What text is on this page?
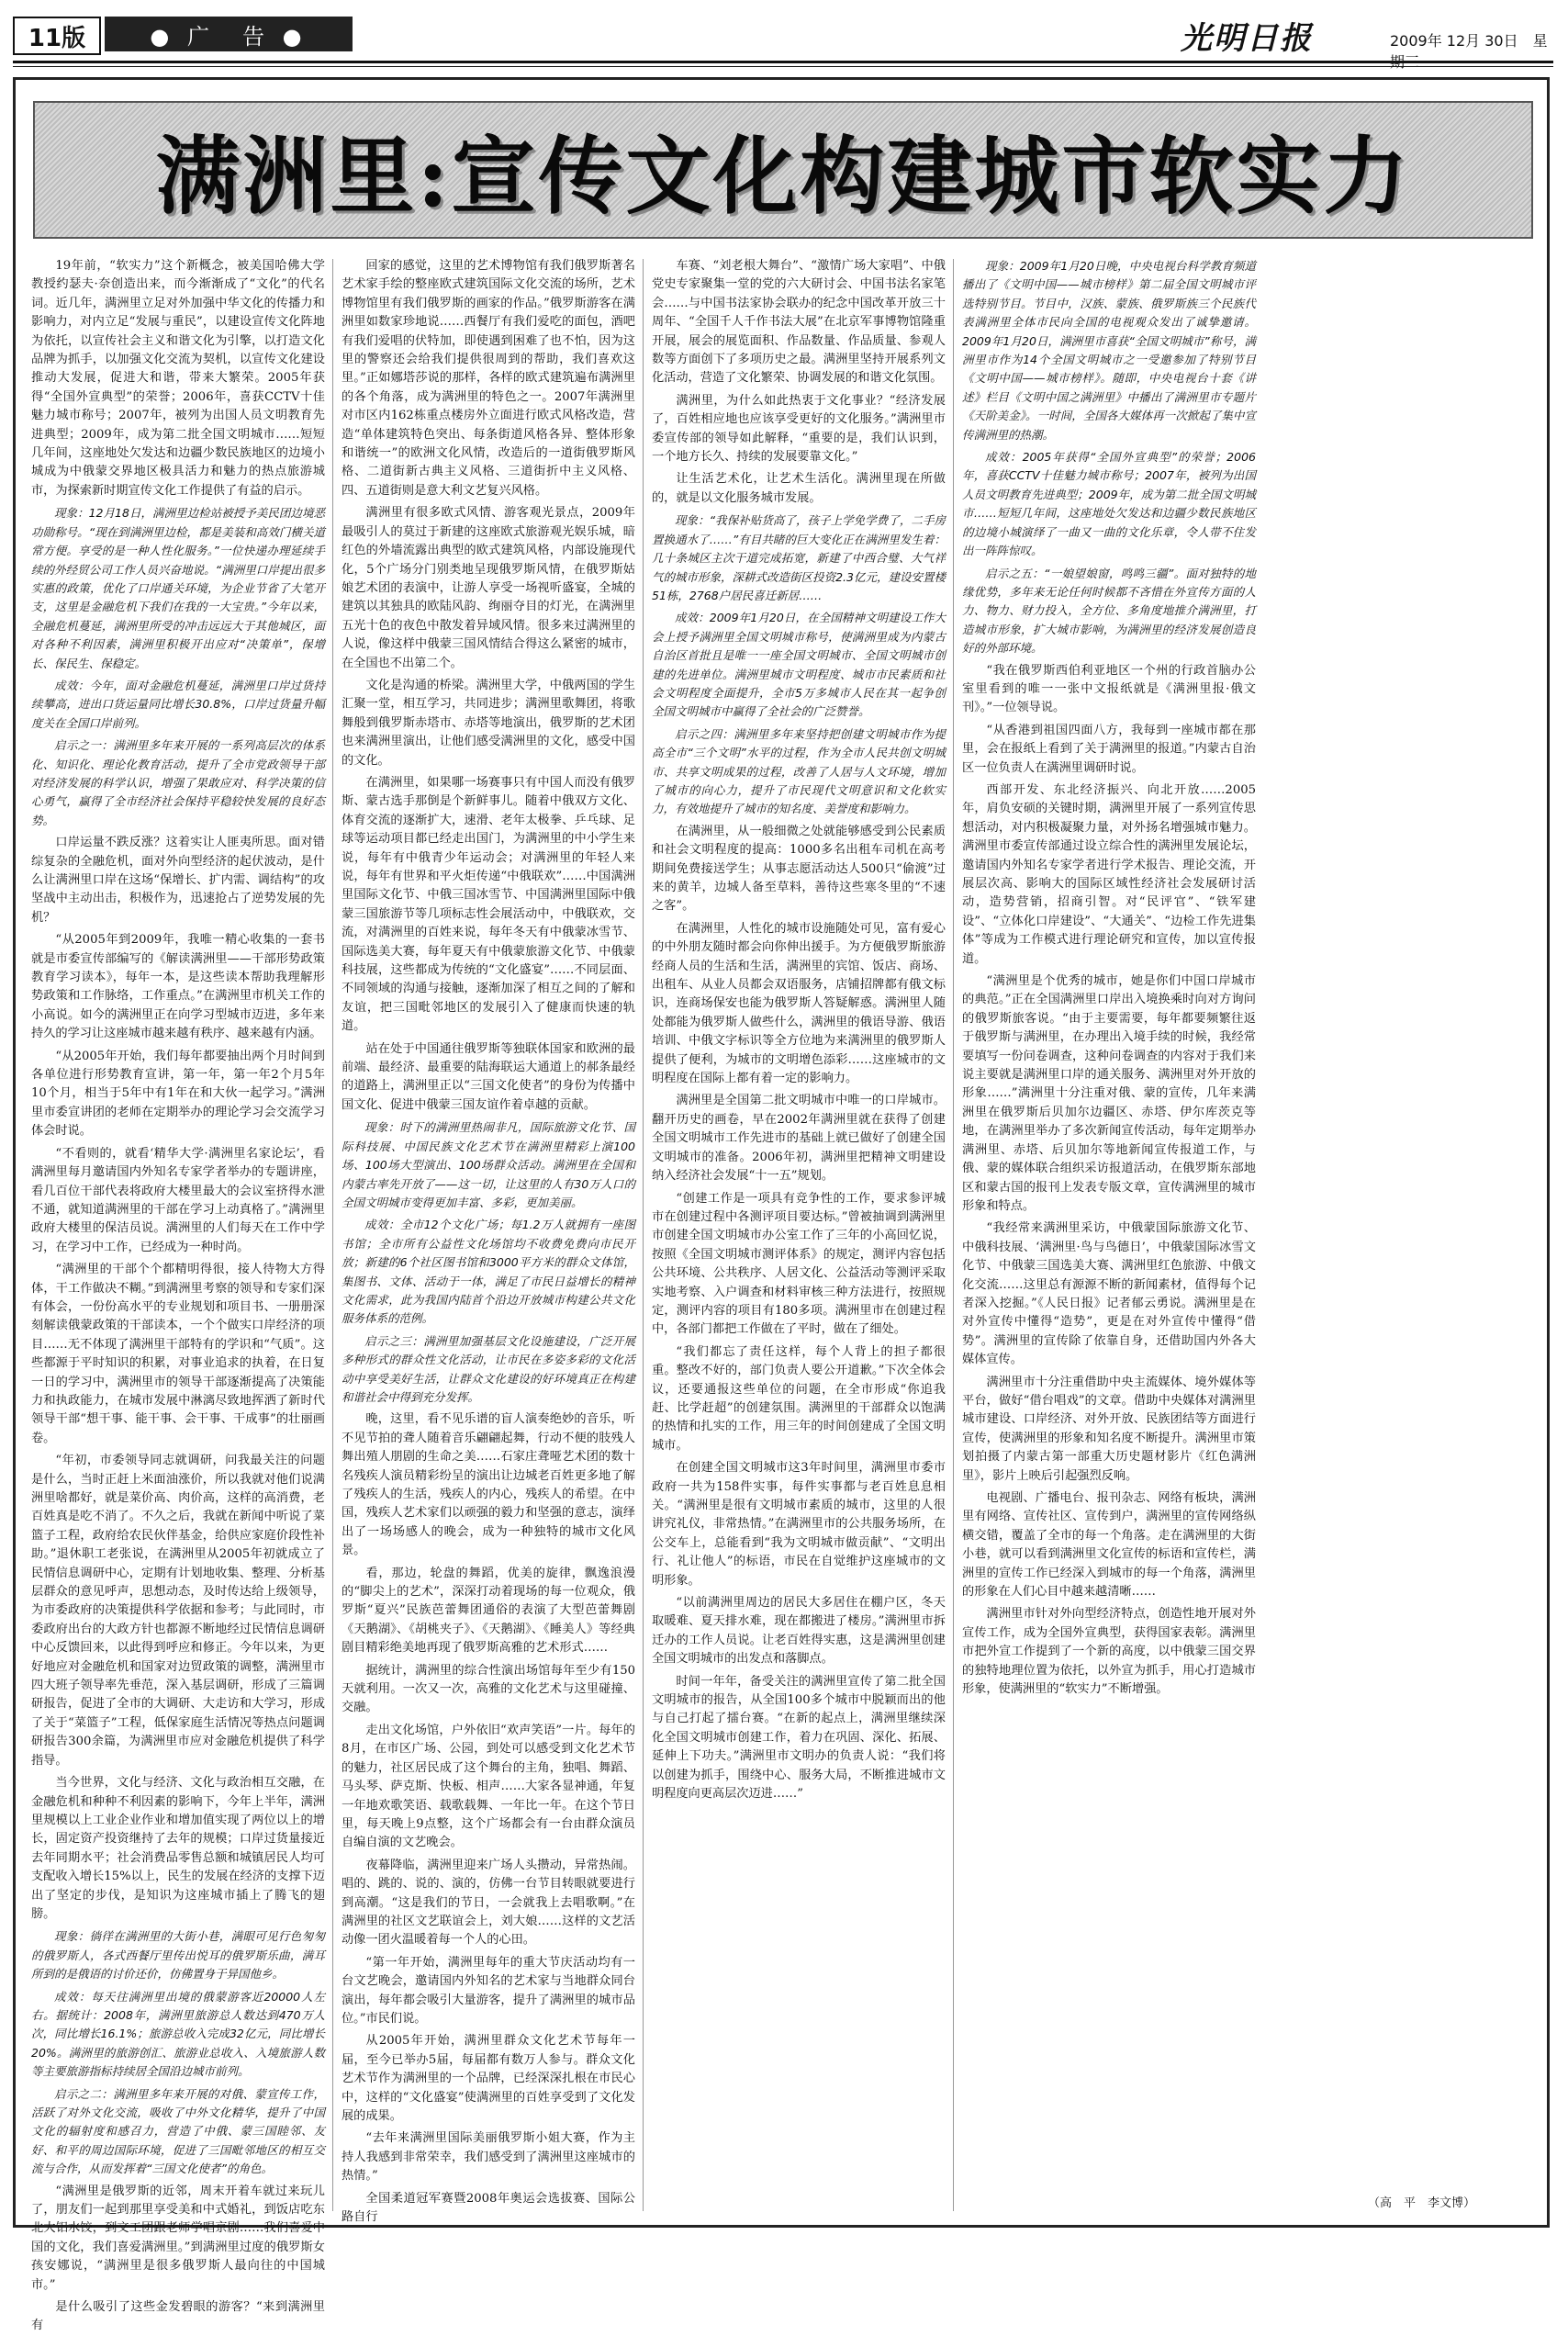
11版	● 广　告 ●	光明日报	2009年 12月 30日　星
满洲里:宣传文化构建城市软实力

19年前，“软实力”这个新概念，被美国哈佛大学教授约瑟夫·奈创造出来，而今渐渐成了“文化”的代名词。近几年，满洲里立足对外加强中华文化的传播力和影响力，对内立足“发展与重民”，以建设宣传文化阵地为依托，以宣传社会主义和谐文化为引擎，以打造文化品牌为抓手，以加强文化交流为契机，以宣传文化建设推动大发展，促进大和谐，带来大繁荣。2005年获得“全国外宣典型”的荣誉；2006年，喜获CCTV十佳魅力城市称号；2007年，被列为出国人员文明教育先进典型；2009年，成为第二批全国文明城市……短短几年间，这座地处欠发达和边疆少数民族地区的边境小城成为中俄蒙交界地区极具活力和魅力的热点旅游城市，为探索新时期宣传文化工作提供了有益的启示。

现象：12月18日，满洲里边检站被授予美民团边境恶功勋称号。“现在到满洲里边检，都是美装和高效门横关道常方便。享受的是一种人性化服务。”一位快递办理延续手续的外经贸公司工作人员兴奋地说。“满洲里口岸提出很多实惠的政策，优化了口岸通关环境，为企业节省了大笔开支，这里是金融危机下我们在我的一大宝贵。”今年以来，全融危机蔓延，满洲里所受的冲击远远大于其他城区，面对各种不利因素，满洲里积极开出应对“决策单”，保增长、保民生、保稳定。

成效：今年，面对金融危机蔓延，满洲里口岸过货持续攀高，进出口货运量同比增长30.8%，口岸过货量升幅度关在全国口岸前列。

启示之一：满洲里多年来开展的一系列高层次的体系化、知识化、理论化教育活动，提升了全市党政领导干部对经济发展的科学认识，增强了果敢应对、科学决策的信心勇气，赢得了全市经济社会保持平稳较快发展的良好态势。

口岸运量不跌反涨？这着实让人匪夷所思。面对错综复杂的全融危机，面对外向型经济的起伏波动，是什么让满洲里口岸在这场“保增长、扩内需、调结构”的攻坚战中主动出击，积极作为，迅速抢占了逆势发展的先机？

“从2005年到2009年，我唯一精心收集的一套书就是市委宣传部编写的《解读满洲里——干部形势政策教育学习读本》，每年一本，是这些读本帮助我理解形势政策和工作脉络，工作重点。”在满洲里市机关工作的小高说。如今的满洲里正在向学习型城市迈进，多年来持久的学习让这座城市越来越有秩序、越来越有内涵。

“从2005年开始，我们每年都要抽出两个月时间到各单位进行形势教育宣讲，第一年，第一年2个月5年10个月，相当于5年中有1年在和大伙一起学习。”满洲里市委宣讲团的老师在定期举办的理论学习会交流学习体会时说。

“不看则的，就看‘精华大学·满洲里名家论坛’，看满洲里每月邀请国内外知名专家学者举办的专题讲座，看几百位干部代表将政府大楼里最大的会议室挤得水泄不通，就知道满洲里的干部在学习上动真格了。”满洲里政府大楼里的保洁员说。满洲里的人们每天在工作中学习，在学习中工作，已经成为一种时尚。

“满洲里的干部个个都精明得很，接人待物大方得体，干工作做决不糊。”到满洲里考察的领导和专家们深有体会，一份份高水平的专业规划和项目书、一册册深刻解读俄蒙政策的干部读本，一个个做实口岸经济的项目……无不体现了满洲里干部特有的学识和“气质”。这些都源于平时知识的积累，对事业追求的执着，在日复一日的学习中，满洲里市的领导干部逐渐提高了决策能力和执政能力，在城市发展中淋漓尽致地挥洒了新时代领导干部“想干事、能干事、会干事、干成事”的壮丽画卷。

“年初，市委领导同志就调研，问我最关注的问题是什么，当时正赶上米面油涨价，所以我就对他们说满洲里啥都好，就是菜价高、肉价高，这样的高消费，老百姓真是吃不消了。不久之后，我就在新闻中听说了菜篮子工程，政府给农民伙伴基金，给供应家庭价段性补助。”退休职工老张说，在满洲里从2005年初就成立了民情信息调研中心，定期有计划地收集、整理、分析基层群众的意见呼声，思想动态，及时传达给上级领导，为市委政府的决策提供科学依据和参考；与此同时，市委政府出台的大政方针也都源不断地经过民情信息调研中心反馈回来，以此得到呼应和修正。今年以来，为更好地应对金融危机和国家对边贸政策的调整，满洲里市四大班子领导率先垂范，深入基层调研，形成了三篇调研报告，促进了全市的大调研、大走访和大学习，形成了关于“菜篮子”工程，低保家庭生活情况等热点问题调研报告300余篇，为满洲里市应对金融危机提供了科学指导。

当今世界，文化与经济、文化与政治相互交融，在金融危机和种种不利因素的影响下，今年上半年，满洲里规模以上工业企业作业和增加值实现了两位以上的增长，固定资产投资继持了去年的规模；口岸过货量接近去年同期水平；社会消费品零售总额和城镇居民人均可支配收入增长15%以上，民生的发展在经济的支撑下迈出了坚定的步伐，是知识为这座城市插上了腾飞的翅膀。

现象：徜徉在满洲里的大街小巷，满眼可见行色匆匆的俄罗斯人，各式西餐厅里传出悦耳的俄罗斯乐曲，满耳所到的是俄语的讨价还价，仿佛置身于异国他乡。

成效：每天往满洲里出境的俄蒙游客近20000人左右。据统计：2008年，满洲里旅游总人数达到470万人次，同比增长16.1%；旅游总收入完成32亿元，同比增长20%。满洲里的旅游创汇、旅游业总收入、入境旅游人数等主要旅游指标持续居全国沿边城市前列。

启示之二：满洲里多年来开展的对俄、蒙宣传工作，活跃了对外文化交流，吸收了中外文化精华，提升了中国文化的辐射度和感召力，营造了中俄、蒙三国睦邻、友好、和平的周边国际环境，促进了三国毗邻地区的相互交流与合作，从而发挥着“三国文化使者”的角色。

“满洲里是俄罗斯的近邻，周末开着车就过来玩儿了，朋友们一起到那里享受美和中式婚礼，到饭店吃东北大铝水饺，到文工团跟老师学唱京剧……我们喜爱中国的文化，我们喜爱满洲里。”到满洲里过度的俄罗斯女孩安娜说，“满洲里是很多俄罗斯人最向往的中国城市。”

是什么吸引了这些金发碧眼的游客？“来到满洲里有

回家的感觉，这里的艺术博物馆有我们俄罗斯著名艺术家手绘的整座欧式建筑国际文化交流的场所，艺术博物馆里有我们俄罗斯的画家的作品。”俄罗斯游客在满洲里如数家珍地说……西餐厅有我们爱吃的面包，酒吧有我们爱唱的伏特加，即使遇到困难了也不怕，因为这里的警察还会给我们提供很周到的帮助，我们喜欢这里。”正如娜塔莎说的那样，各样的欧式建筑遍布满洲里的各个角落，成为满洲里的特色之一。2007年满洲里对市区内162栋重点楼房外立面进行欧式风格改造，营造“单体建筑特色突出、每条街道风格各异、整体形象和谐统一”的欧洲文化风情，改造后的一道街俄罗斯风格、二道街新古典主义风格、三道街折中主义风格、四、五道街则是意大利文艺复兴风格。

满洲里有很多欧式风情、游客观光景点，2009年最吸引人的莫过于新建的这座欧式旅游观光娱乐城，暗红色的外墙流露出典型的欧式建筑风格，内部设施现代化，5个广场分门别类地呈现俄罗斯风情，在俄罗斯姑娘艺术团的表演中，让游人享受一场视听盛宴，全城的建筑以其独具的欧陆风韵、绚丽夺目的灯光，在满洲里五光十色的夜色中散发着异域风情。很多来过满洲里的人说，像这样中俄蒙三国风情结合得这么紧密的城市，在全国也不出第二个。

文化是沟通的桥梁。满洲里大学，中俄两国的学生汇聚一堂，相互学习，共同进步；满洲里歌舞团，将歌舞般到俄罗斯赤塔市、赤塔等地演出，俄罗斯的艺术团也来满洲里演出，让他们感受满洲里的文化，感受中国的文化。

在满洲里，如果哪一场赛事只有中国人而没有俄罗斯、蒙古选手那倒是个新鲜事儿。随着中俄双方文化、体育交流的逐渐扩大，速滑、老年太极拳、乒乓球、足球等运动项目都已经走出国门，为满洲里的中小学生来说，每年有中俄青少年运动会；对满洲里的年轻人来说，每年有世界和平火炬传递“中俄联欢”……中国满洲里国际文化节、中俄三国冰雪节、中国满洲里国际中俄蒙三国旅游节等几项标志性会展活动中，中俄联欢，交流，对满洲里的百姓来说，每年冬天有中俄蒙冰雪节、国际选美大赛，每年夏天有中俄蒙旅游文化节、中俄蒙科技展，这些都成为传统的“文化盛宴”……不同层面、不同领域的沟通与接触，逐渐加深了相互之间的了解和友谊，把三国毗邻地区的发展引入了健康而快速的轨道。

站在处于中国通往俄罗斯等独联体国家和欧洲的最前端、最经济、最重要的陆海联运大通道上的郝条最经的道路上，满洲里正以“三国文化使者”的身份为传播中国文化、促进中俄蒙三国友谊作着卓越的贡献。

现象：时下的满洲里热闹非凡，国际旅游文化节、国际科技展、中国民族文化艺术节在满洲里精彩上演100场、100场大型演出、100场群众活动。满洲里在全国和内蒙古率先开放了——这一切，让这里的人有30万人口的全国文明城市变得更加丰富、多彩，更加美丽。

成效：全市12个文化广场；每1.2万人就拥有一座图书馆；全市所有公益性文化场馆均不收费免费向市民开放；新建的6个社区图书馆和3000平方米的群众文体馆，集图书、文体、活动于一体，满足了市民日益增长的精神文化需求，此为我国内陆首个沿边开放城市构建公共文化服务体系的范例。

启示之三：满洲里加强基层文化设施建设，广泛开展多种形式的群众性文化活动，让市民在多姿多彩的文化活动中享受美好生活，让群众文化建设的好环境真正在构建和谐社会中得到充分发挥。

晚，这里，看不见乐谱的盲人演奏绝妙的音乐，听不见节拍的聋人随着音乐翩翩起舞，行动不便的肢残人舞出殖人朋剧的生命之美……石家庄聋哑艺术团的数十名残疾人演员精彩纷呈的演出让边城老百姓更多地了解了残疾人的生活，残疾人的内心，残疾人的希望。在中国，残疾人艺术家们以顽强的毅力和坚强的意志，演绎出了一场场感人的晚会，成为一种独特的城市文化风景。

看，那边，轮盘的舞蹈，优美的旋律，飘逸浪漫的“脚尖上的艺术”，深深打动着现场的每一位观众，俄罗斯“夏兴”民族芭蕾舞团通俗的表演了大型芭蕾舞剧《天鹅湖》、《胡桃夹子》、《天鹅湖》、《睡美人》等经典剧目精彩绝美地再现了俄罗斯高雅的艺术形式……

据统计，满洲里的综合性演出场馆每年至少有150天就利用。一次又一次，高雅的文化艺术与这里碰撞、交融。

走出文化场馆，户外依旧“欢声笑语”一片。每年的8月，在市区广场、公园，到处可以感受到文化艺术节的魅力，社区居民成了这个舞台的主角，独唱、舞蹈、马头琴、萨克斯、快板、相声……大家各显神通，年复一年地欢歌笑语、载歌载舞、一年比一年。在这个节日里，每天晚上9点整，这个广场都会有一台由群众演员自编自演的文艺晚会。

夜幕降临，满洲里迎来广场人头攒动，异常热闹。唱的、跳的、说的、演的，仿佛一台节目转眼就要进行到高潮。“这是我们的节日，一会就我上去唱歌啊。”在满洲里的社区文艺联谊会上，刘大娘……这样的文艺活动像一团火温暖着每一个人的心田。

“第一年开始，满洲里每年的重大节庆活动均有一台文艺晚会，邀请国内外知名的艺术家与当地群众同台演出，每年都会吸引大量游客，提升了满洲里的城市品位。”市民们说。

从2005年开始，满洲里群众文化艺术节每年一届，至今已举办5届，每届都有数万人参与。群众文化艺术节作为满洲里的一个品牌，已经深深扎根在市民心中，这样的“文化盛宴”使满洲里的百姓享受到了文化发展的成果。

“去年来满洲里国际美丽俄罗斯小姐大赛，作为主持人我感到非常荣幸，我们感受到了满洲里这座城市的热情。”

全国柔道冠军赛暨2008年奥运会选拔赛、国际公路自行

车赛、“刘老根大舞台”、“激情广场大家唱”、中俄党史专家聚集一堂的党的六大研讨会、中国书法名家笔会……与中国书法家协会联办的纪念中国改革开放三十周年、“全国千人千作书法大展”在北京军事博物馆隆重开展，展会的展览面积、作品数量、作品质量、参观人数等方面创下了多项历史之最。满洲里坚持开展系列文化活动，营造了文化繁荣、协调发展的和谐文化氛围。

满洲里，为什么如此热衷于文化事业？“经济发展了，百姓相应地也应该享受更好的文化服务。”满洲里市委宣传部的领导如此解释，“重要的是，我们认识到，一个地方长久、持续的发展要靠文化。”

让生活艺术化，让艺术生活化。满洲里现在所做的，就是以文化服务城市发展。

现象：“我保补贴货高了，孩子上学免学费了，二手房置换通水了……”有目共睹的巨大变化正在满洲里发生着：几十条城区主次干道完成拓宽，新建了中西合璧、大气祥气的城市形象，深耕式改造街区投资2.3亿元，建设安置楼51栋，2768户居民喜迁新居……

成效：2009年1月20日，在全国精神文明建设工作大会上授予满洲里全国文明城市称号，使满洲里成为内蒙古自治区首批且是唯一一座全国文明城市、全国文明城市创建的先进单位。满洲里城市文明程度、城市市民素质和社会文明程度全面提升，全市5万多城市人民在其一起争创全国文明城市中赢得了全社会的广泛赞誉。

启示之四：满洲里多年来坚持把创建文明城市作为提高全市“三个文明”水平的过程，作为全市人民共创文明城市、共享文明成果的过程，改善了人居与人文环境，增加了城市的向心力，提升了市民现代文明意识和文化软实力，有效地提升了城市的知名度、美誉度和影响力。

在满洲里，从一般细微之处就能够感受到公民素质和社会文明程度的提高：1000多名出租车司机在高考期间免费接送学生；从事志愿活动达人500只“偷渡”过来的黄羊，边城人备至草料，善待这些寒冬里的“不速之客”。

在满洲里，人性化的城市设施随处可见，富有爱心的中外朋友随时都会向你伸出援手。为方便俄罗斯旅游经商人员的生活和生活，满洲里的宾馆、饭店、商场、出租车、从业人员都会双语服务，店铺招牌都有俄文标识，连商场保安也能为俄罗斯人答疑解惑。满洲里人随处都能为俄罗斯人做些什么，满洲里的俄语导游、俄语培训、中俄文字标识等全方位地为来满洲里的俄罗斯人提供了便利，为城市的文明增色添彩……这座城市的文明程度在国际上都有着一定的影响力。

满洲里是全国第二批文明城市中唯一的口岸城市。翻开历史的画卷，早在2002年满洲里就在获得了创建全国文明城市工作先进市的基础上就已做好了创建全国文明城市的准备。2006年初，满洲里把精神文明建设纳入经济社会发展“十一五”规划。

“创建工作是一项具有竞争性的工作，要求参评城市在创建过程中各测评项目要达标。”曾被抽调到满洲里市创建全国文明城市办公室工作了三年的小高回忆说，按照《全国文明城市测评体系》的规定，测评内容包括公共环境、公共秩序、人居文化、公益活动等测评采取实地考察、入户调查和材料审核三种方法进行，按照规定，测评内容的项目有180多项。满洲里市在创建过程中，各部门都把工作做在了平时，做在了细处。

“我们都忘了责任这样，每个人背上的担子都很重。整改不好的，部门负责人要公开道歉。”下次全体会议，还要通报这些单位的问题，在全市形成“你追我赶、比学赶超”的创建氛围。满洲里的干部群众以饱满的热情和扎实的工作，用三年的时间创建成了全国文明城市。

在创建全国文明城市这3年时间里，满洲里市委市政府一共为158件实事，每件实事都与老百姓息息相关。“满洲里是很有文明城市素质的城市，这里的人很讲究礼仪，非常热情。”在满洲里市的公共服务场所，在公交车上，总能看到“我为文明城市做贡献”、“文明出行、礼让他人”的标语，市民在自觉维护这座城市的文明形象。

“以前满洲里周边的居民大多居住在棚户区，冬天取暖难、夏天排水难，现在都搬进了楼房。”满洲里市拆迁办的工作人员说。让老百姓得实惠，这是满洲里创建全国文明城市的出发点和落脚点。

时间一年年，备受关注的满洲里宣传了第二批全国文明城市的报告，从全国100多个城市中脱颖而出的他与自己打起了擂台赛。“在新的起点上，满洲里继续深化全国文明城市创建工作，着力在巩固、深化、拓展、延伸上下功夫。”满洲里市文明办的负责人说：“我们将以创建为抓手，围绕中心、服务大局，不断推进城市文明程度向更高层次迈进……”

现象：2009年1月20日晚，中央电视台科学教育频道播出了《文明中国——城市榜样》第二届全国文明城市评选特别节目。节目中，汉族、蒙族、俄罗斯族三个民族代表满洲里全体市民向全国的电视观众发出了诚挚邀请。2009年1月20日，满洲里市喜获“全国文明城市”称号，满洲里市作为14个全国文明城市之一受邀参加了特别节目《文明中国——城市榜样》。随即，中央电视台十套《讲述》栏目《文明中国之满洲里》中播出了满洲里市专题片《天阶美金》。一时间，全国各大媒体再一次掀起了集中宣传满洲里的热潮。

成效：2005年获得“全国外宣典型”的荣誉；2006年，喜获CCTV十佳魅力城市称号；2007年，被列为出国人员文明教育先进典型；2009年，成为第二批全国文明城市……短短几年间，这座地处欠发达和边疆少数民族地区的边境小城演绎了一曲又一曲的文化乐章，令人带不住发出一阵阵惊叹。

启示之五：“一娘望娘窗，鸣鸣三疆”。面对独特的地缘优势，多年来无论任何时候都不吝惜在外宣传方面的人力、物力、财力投入，全方位、多角度地推介满洲里，打造城市形象，扩大城市影响，为满洲里的经济发展创造良好的外部环境。

“我在俄罗斯西伯利亚地区一个州的行政首脑办公室里看到的唯一一张中文报纸就是《满洲里报·俄文刊》。”一位领导说。

“从香港到祖国四面八方，我每到一座城市都在那里，会在报纸上看到了关于满洲里的报道。”内蒙古自治区一位负责人在满洲里调研时说。

西部开发、东北经济振兴、向北开放……2005年，肩负安硕的关键时期，满洲里开展了一系列宣传思想活动，对内积极凝聚力量，对外扬名增强城市魅力。满洲里市委宣传部通过设立综合性的满洲里发展论坛，邀请国内外知名专家学者进行学术报告、理论交流，开展层次高、影响大的国际区域性经济社会发展研讨活动，造势营销，招商引智。对“民评官”、“铁军建设”、“立体化口岸建设”、“大通关”、“边检工作先进集体”等成为工作模式进行理论研究和宣传，加以宣传报道。

“满洲里是个优秀的城市，她是你们中国口岸城市的典范。”正在全国满洲里口岸出入境换乘时向对方询问的俄罗斯旅客说。“由于主要需要，每年都要频繁往返于俄罗斯与满洲里，在办理出入境手续的时候，我经常要填写一份问卷调查，这种问卷调查的内容对于我们来说主要就是满洲里口岸的通关服务、满洲里对外开放的形象……”满洲里十分注重对俄、蒙的宣传，几年来满洲里在俄罗斯后贝加尔边疆区、赤塔、伊尔库茨克等地，在满洲里举办了多次新闻宣传活动，每年定期举办满洲里、赤塔、后贝加尔等地新闻宣传报道工作，与俄、蒙的媒体联合组织采访报道活动，在俄罗斯东部地区和蒙古国的报刊上发表专版文章，宣传满洲里的城市形象和特点。

“我经常来满洲里采访，中俄蒙国际旅游文化节、中俄科技展、‘满洲里·鸟与鸟德日’，中俄蒙国际冰雪文化节、中俄蒙三国选美大赛、满洲里红色旅游、中俄文化交流……这里总有源源不断的新闻素材，值得每个记者深入挖掘。”《人民日报》记者郁云勇说。满洲里是在对外宣传中懂得“造势”，更是在对外宣传中懂得“借势”。满洲里的宣传除了依靠自身，还借助国内外各大媒体宣传。

满洲里市十分注重借助中央主流媒体、境外媒体等平台，做好“借台唱戏”的文章。借助中央媒体对满洲里城市建设、口岸经济、对外开放、民族团结等方面进行宣传，使满洲里的形象和知名度不断提升。满洲里市策划拍摄了内蒙古第一部重大历史题材影片《红色满洲里》，影片上映后引起强烈反响。

电视剧、广播电台、报刊杂志、网络有板块，满洲里有网络、宣传社区、宣传到户，满洲里的宣传网络纵横交错，覆盖了全市的每一个角落。走在满洲里的大街小巷，就可以看到满洲里文化宣传的标语和宣传栏，满洲里的宣传工作已经深入到城市的每一个角落，满洲里的形象在人们心目中越来越清晰……

满洲里市针对外向型经济特点，创造性地开展对外宣传工作，成为全国外宣典型，获得国家表彰。满洲里市把外宣工作提到了一个新的高度，以中俄蒙三国交界的独特地理位置为依托，以外宣为抓手，用心打造城市形象，使满洲里的“软实力”不断增强。

（高　平　李文博）
